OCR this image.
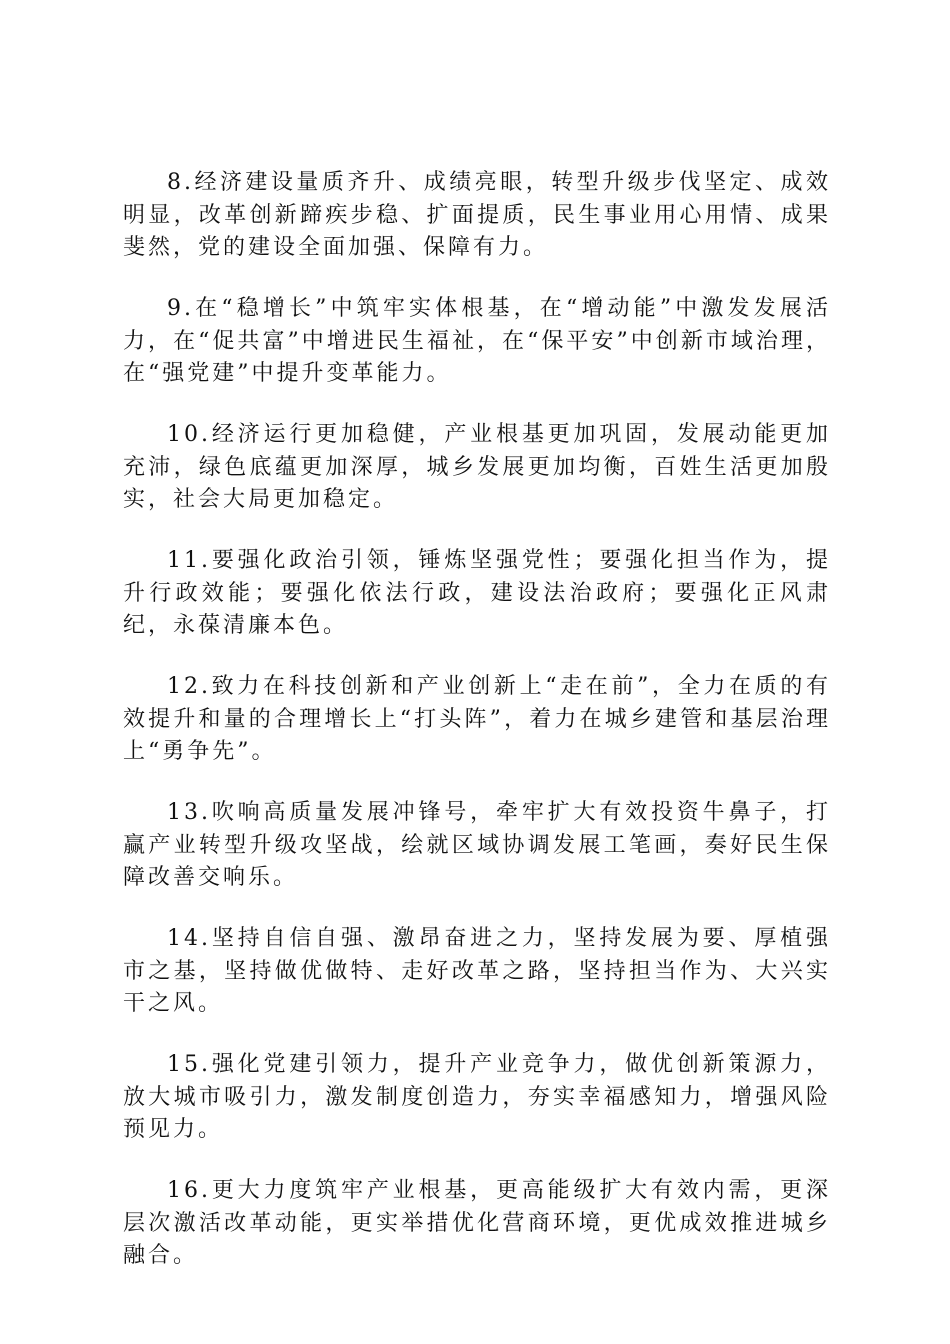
8.经济建设量质齐升、成绩亮眼，转型升级步伐坚定、成效明显，改革创新蹄疾步稳、扩面提质，民生事业用心用情、成果斐然，党的建设全面加强、保障有力。

9.在“稳增长”中筑牢实体根基，在“增动能”中激发发展活力，在“促共富”中增进民生福祉，在“保平安”中创新市域治理，在“强党建”中提升变革能力。

10.经济运行更加稳健，产业根基更加巩固，发展动能更加充沛，绿色底蕴更加深厚，城乡发展更加均衡，百姓生活更加殷实，社会大局更加稳定。

11.要强化政治引领，锤炼坚强党性；要强化担当作为，提升行政效能；要强化依法行政，建设法治政府；要强化正风肃纪，永葆清廉本色。

12.致力在科技创新和产业创新上“走在前”，全力在质的有效提升和量的合理增长上“打头阵”，着力在城乡建管和基层治理上“勇争先”。

13.吹响高质量发展冲锋号，牵牢扩大有效投资牛鼻子，打赢产业转型升级攻坚战，绘就区域协调发展工笔画，奏好民生保障改善交响乐。

14.坚持自信自强、激昂奋进之力，坚持发展为要、厚植强市之基，坚持做优做特、走好改革之路，坚持担当作为、大兴实干之风。

15.强化党建引领力，提升产业竞争力，做优创新策源力，放大城市吸引力，激发制度创造力，夯实幸福感知力，增强风险预见力。

16.更大力度筑牢产业根基，更高能级扩大有效内需，更深层次激活改革动能，更实举措优化营商环境，更优成效推进城乡融合。
